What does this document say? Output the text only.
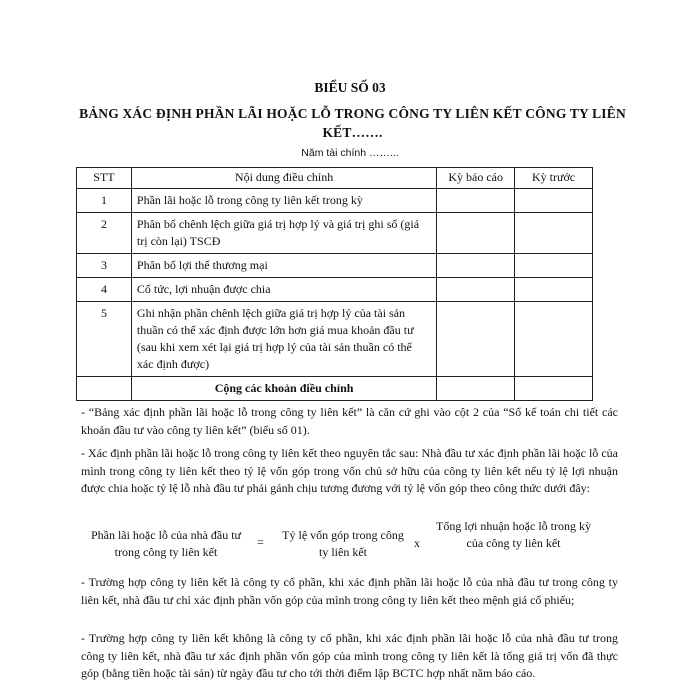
BIỂU SỐ 03
BẢNG XÁC ĐỊNH PHẦN LÃI HOẶC LỖ TRONG CÔNG TY LIÊN KẾT CÔNG TY LIÊN KẾT…….
Năm tài chính ……...
STT	Nội dung điều chỉnh	Kỳ báo cáo	Kỳ trước
1	Phần lãi hoặc lỗ trong công ty liên kết trong kỳ		
2	Phân bổ chênh lệch giữa giá trị hợp lý và giá trị ghi sổ (giá trị còn lại) TSCĐ		
3	Phân bổ lợi thế thương mại		
4	Cổ tức, lợi nhuận được chia		
5	Ghi nhận phần chênh lệch giữa giá trị hợp lý của tài sản thuần có thể xác định được lớn hơn giá mua khoản đầu tư (sau khi xem xét lại giá trị hợp lý của tài sản thuần có thể xác định được)		
	Cộng các khoản điều chỉnh		
- “Bảng xác định phần lãi hoặc lỗ trong công ty liên kết” là căn cứ ghi vào cột 2 của “Sổ kế toán chi tiết các khoản đầu tư vào công ty liên kết” (biểu số 01).
- Xác định phần lãi hoặc lỗ trong công ty liên kết theo nguyên tắc sau: Nhà đầu tư xác định phần lãi hoặc lỗ của mình trong công ty liên kết theo tỷ lệ vốn góp trong vốn chủ sở hữu của công ty liên kết nếu tỷ lệ lợi nhuận được chia hoặc tỷ lệ lỗ nhà đầu tư phải gánh chịu tương đương với tỷ lệ vốn góp theo công thức dưới đây:
Phần lãi hoặc lỗ của nhà đầu tư trong công ty liên kết
=	Tỷ lệ vốn góp trong công ty liên kết
x
Tổng lợi nhuận hoặc lỗ trong kỳ của công ty liên kết
- Trường hợp công ty liên kết là công ty cổ phần, khi xác định phần lãi hoặc lỗ của nhà đầu tư trong công ty liên kết, nhà đầu tư chỉ xác định phần vốn góp của mình trong công ty liên kết theo mệnh giá cổ phiếu;
- Trường hợp công ty liên kết không là công ty cổ phần, khi xác định phần lãi hoặc lỗ của nhà đầu tư trong công ty liên kết, nhà đầu tư xác định phần vốn góp của mình trong công ty liên kết là tổng giá trị vốn đã thực góp (bằng tiền hoặc tài sản) từ ngày đầu tư cho tới thời điểm lập BCTC hợp nhất năm báo cáo.
